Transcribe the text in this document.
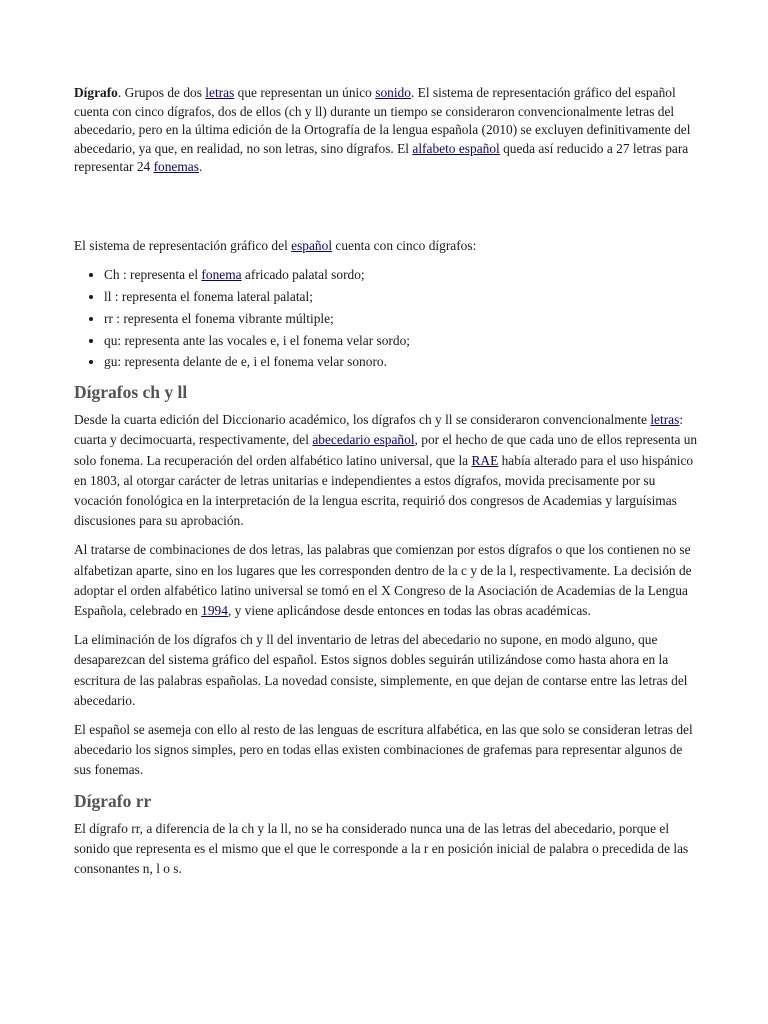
Dígrafo. Grupos de dos letras que representan un único sonido. El sistema de representación gráfico del español cuenta con cinco dígrafos, dos de ellos (ch y ll) durante un tiempo se consideraron convencionalmente letras del abecedario, pero en la última edición de la Ortografía de la lengua española (2010) se excluyen definitivamente del abecedario, ya que, en realidad, no son letras, sino dígrafos. El alfabeto español queda así reducido a 27 letras para representar 24 fonemas.

El sistema de representación gráfico del español cuenta con cinco dígrafos:

• Ch : representa el fonema africado palatal sordo;
• ll : representa el fonema lateral palatal;
• rr : representa el fonema vibrante múltiple;
• qu: representa ante las vocales e, i el fonema velar sordo;
• gu: representa delante de e, i el fonema velar sonoro.
Dígrafos ch y ll

Desde la cuarta edición del Diccionario académico, los dígrafos ch y ll se consideraron convencionalmente letras: cuarta y decimocuarta, respectivamente, del abecedario español, por el hecho de que cada uno de ellos representa un solo fonema. La recuperación del orden alfabético latino universal, que la RAE había alterado para el uso hispánico en 1803, al otorgar carácter de letras unitarias e independientes a estos dígrafos, movida precisamente por su vocación fonológica en la interpretación de la lengua escrita, requirió dos congresos de Academias y larguísimas discusiones para su aprobación.

Al tratarse de combinaciones de dos letras, las palabras que comienzan por estos dígrafos o que los contienen no se alfabetizan aparte, sino en los lugares que les corresponden dentro de la c y de la l, respectivamente. La decisión de adoptar el orden alfabético latino universal se tomó en el X Congreso de la Asociación de Academias de la Lengua Española, celebrado en 1994, y viene aplicándose desde entonces en todas las obras académicas.

La eliminación de los dígrafos ch y ll del inventario de letras del abecedario no supone, en modo alguno, que desaparezcan del sistema gráfico del español. Estos signos dobles seguirán utilizándose como hasta ahora en la escritura de las palabras españolas. La novedad consiste, simplemente, en que dejan de contarse entre las letras del abecedario.

El español se asemeja con ello al resto de las lenguas de escritura alfabética, en las que solo se consideran letras del abecedario los signos simples, pero en todas ellas existen combinaciones de grafemas para representar algunos de sus fonemas.

Dígrafo rr

El dígrafo rr, a diferencia de la ch y la ll, no se ha considerado nunca una de las letras del abecedario, porque el sonido que representa es el mismo que el que le corresponde a la r en posición inicial de palabra o precedida de las consonantes n, l o s.
